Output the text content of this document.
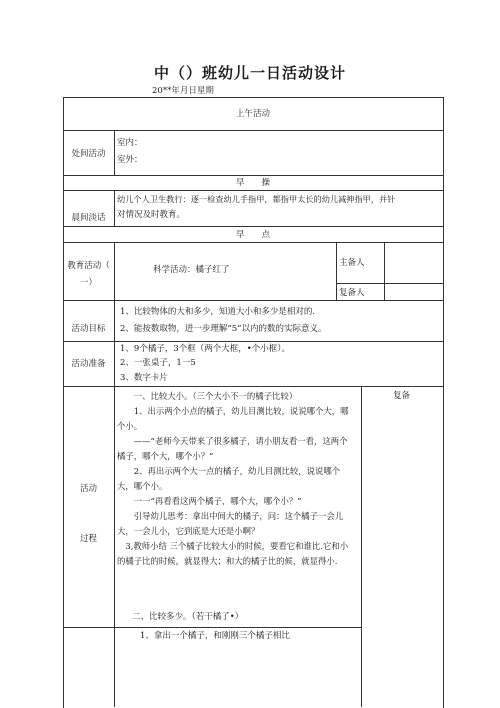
中（）班幼儿一日活动设计
20**年月日星期
上午活动
处间活动
室内：
室外：
早　　操
晨间淡话
幼儿个人卫生教行：逐一检查幼儿手指甲，都指甲太长的幼儿减抻指甲，并针
对情况及时教育。
早　　点
教育活动（
一）
科学活动：橘子红了
主备人
复备人
活动目标
1、比较物体的大和多少，知道大小和多少是相对的.
2、能按数取物，进一步理解“5”以内的数的实际意义。
活动准备
1、9个橘子，3个框（两个大框，•个小框）。
2、一张桌子，1一5
3、数字卡片
活动
过程
复备
一、比较大小。（三个大小不一的橘子比较）
1、出示两个小点的橘子，幼儿目测比较，说说哪个大，哪个小。
——“老师今天带来了很多橘子，请小朋友看一看，这两个橘子，哪个大，哪个小？”
2、再出示两个大一点的橘子，幼儿目测比较，说说哪个大，哪个小。
一一“再看看这两个橘子，哪个大，哪个小？”
引导幼儿思考：拿出中间大的橘子，问：这个橘子一会儿大，一会儿小，它到底是大还是小啊？
3,教师小结 三个橘子比较大小的时候，要看它和谁比.它和小的橘子比的时候，就显得大；和大的橘子比的候，就显得小.
二、比较多少。（若干橘了•）
1、拿出一个橘子，和刚刚三个橘子相比
